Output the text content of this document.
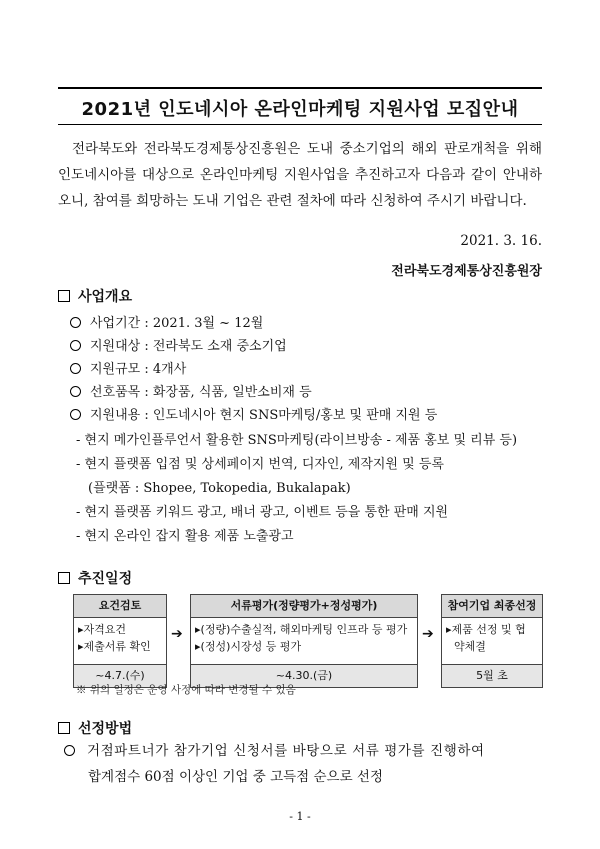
2021년 인도네시아 온라인마케팅 지원사업 모집안내
전라북도와 전라북도경제통상진흥원은 도내 중소기업의 해외 판로개척을 위해 인도네시아를 대상으로 온라인마케팅 지원사업을 추진하고자 다음과 같이 안내하오니, 참여를 희망하는 도내 기업은 관련 절차에 따라 신청하여 주시기 바랍니다.
2021. 3. 16.
전라북도경제통상진흥원장
사업개요
사업기간 : 2021. 3월 ~ 12월
지원대상 : 전라북도 소재 중소기업
지원규모 : 4개사
선호품목 : 화장품, 식품, 일반소비재 등
지원내용 : 인도네시아 현지 SNS마케팅/홍보 및 판매 지원 등
- 현지 메가인플루언서 활용한 SNS마케팅(라이브방송 - 제품 홍보 및 리뷰 등)
- 현지 플랫폼 입점 및 상세페이지 번역, 디자인, 제작지원 및 등록
(플랫폼 : Shopee, Tokopedia, Bukalapak)
- 현지 플랫폼 키워드 광고, 배너 광고, 이벤트 등을 통한 판매 지원
- 현지 온라인 잡지 활용 제품 노출광고
추진일정
요건검토
▸자격요건
▸제출서류 확인
~4.7.(수)
➔
서류평가(정량평가+정성평가)
▸(정량)수출실적, 해외마케팅 인프라 등 평가
▸(정성)시장성 등 평가
~4.30.(금)
➔
참여기업 최종선정
▸제품 선정 및 협
약체결
5월 초
※ 위의 일정은 운영 사정에 따라 변경될 수 있음
선정방법
거점파트너가 참가기업 신청서를 바탕으로 서류 평가를 진행하여
합계점수 60점 이상인 기업 중 고득점 순으로 선정
- 1 -
